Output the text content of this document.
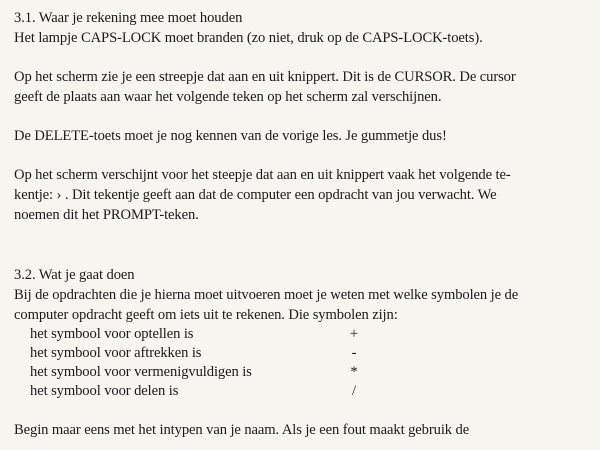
3.1. Waar je rekening mee moet houden
Het lampje CAPS-LOCK moet branden (zo niet, druk op de CAPS-LOCK-toets).
Op het scherm zie je een streepje dat aan en uit knippert. Dit is de CURSOR. De cursor
geeft de plaats aan waar het volgende teken op het scherm zal verschijnen.
De DELETE-toets moet je nog kennen van de vorige les. Je gummetje dus!
Op het scherm verschijnt voor het steepje dat aan en uit knippert vaak het volgende te-
kentje: › . Dit tekentje geeft aan dat de computer een opdracht van jou verwacht. We
noemen dit het PROMPT-teken.
3.2. Wat je gaat doen
Bij de opdrachten die je hierna moet uitvoeren moet je weten met welke symbolen je de
computer opdracht geeft om iets uit te rekenen. Die symbolen zijn:
het symbool voor optellen is	+
het symbool voor aftrekken is	-
het symbool voor vermenigvuldigen is	*
het symbool voor delen is	/
Begin maar eens met het intypen van je naam. Als je een fout maakt gebruik de
